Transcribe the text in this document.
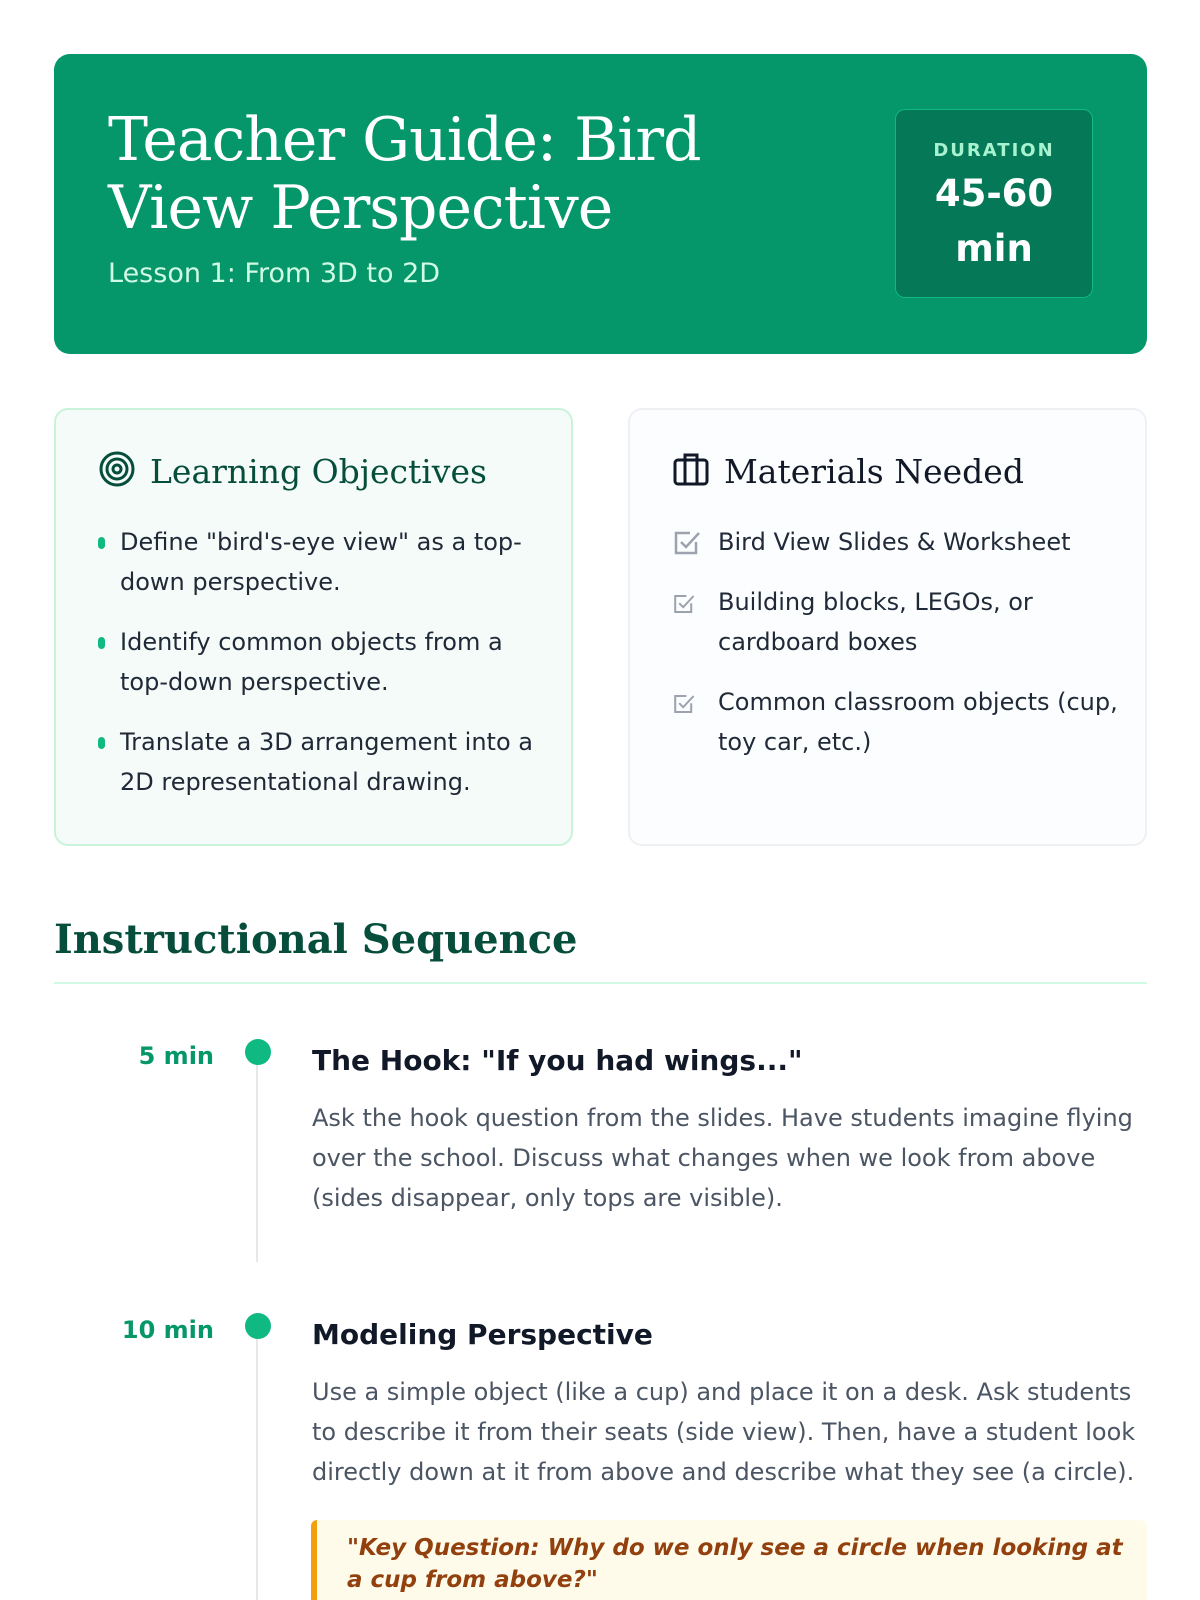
Teacher Guide: Bird View Perspective
Lesson 1: From 3D to 2D
DURATION
45-60 min
Learning Objectives
Define "bird's-eye view" as a top-down perspective.
Identify common objects from a top-down perspective.
Translate a 3D arrangement into a 2D representational drawing.
Materials Needed
Bird View Slides & Worksheet
Building blocks, LEGOs, or cardboard boxes
Common classroom objects (cup, toy car, etc.)
Instructional Sequence
5 min	The Hook: "If you had wings..."
Ask the hook question from the slides. Have students imagine flying over the school. Discuss what changes when we look from above (sides disappear, only tops are visible).
10 min	Modeling Perspective
Use a simple object (like a cup) and place it on a desk. Ask students to describe it from their seats (side view). Then, have a student look directly down at it from above and describe what they see (a circle).
"Key Question: Why do we only see a circle when looking at a cup from above?"
